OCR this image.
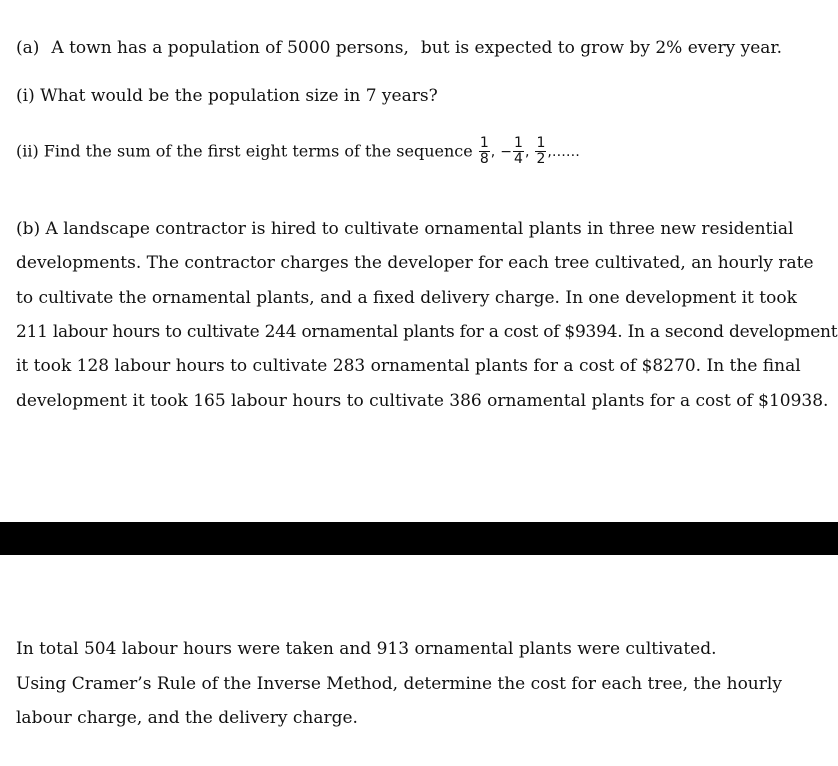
(a) A town has a population of 5000 persons, but is expected to grow by 2% every year.
(i) What would be the population size in 7 years?
(ii) Find the sum of the first eight terms of the sequence $\frac{1}{8}$ , − $\frac{1}{4}$ , $\frac{1}{2}$ ,……
(b) A landscape contractor is hired to cultivate ornamental plants in three new residential
developments. The contractor charges the developer for each tree cultivated, an hourly rate
to cultivate the ornamental plants, and a fixed delivery charge. In one development it took
211 labour hours to cultivate 244 ornamental plants for a cost of $9394. In a second development
it took 128 labour hours to cultivate 283 ornamental plants for a cost of $8270. In the final
development it took 165 labour hours to cultivate 386 ornamental plants for a cost of $10938.
In total 504 labour hours were taken and 913 ornamental plants were cultivated.
Using Cramer’s Rule of the Inverse Method, determine the cost for each tree, the hourly
labour charge, and the delivery charge.
